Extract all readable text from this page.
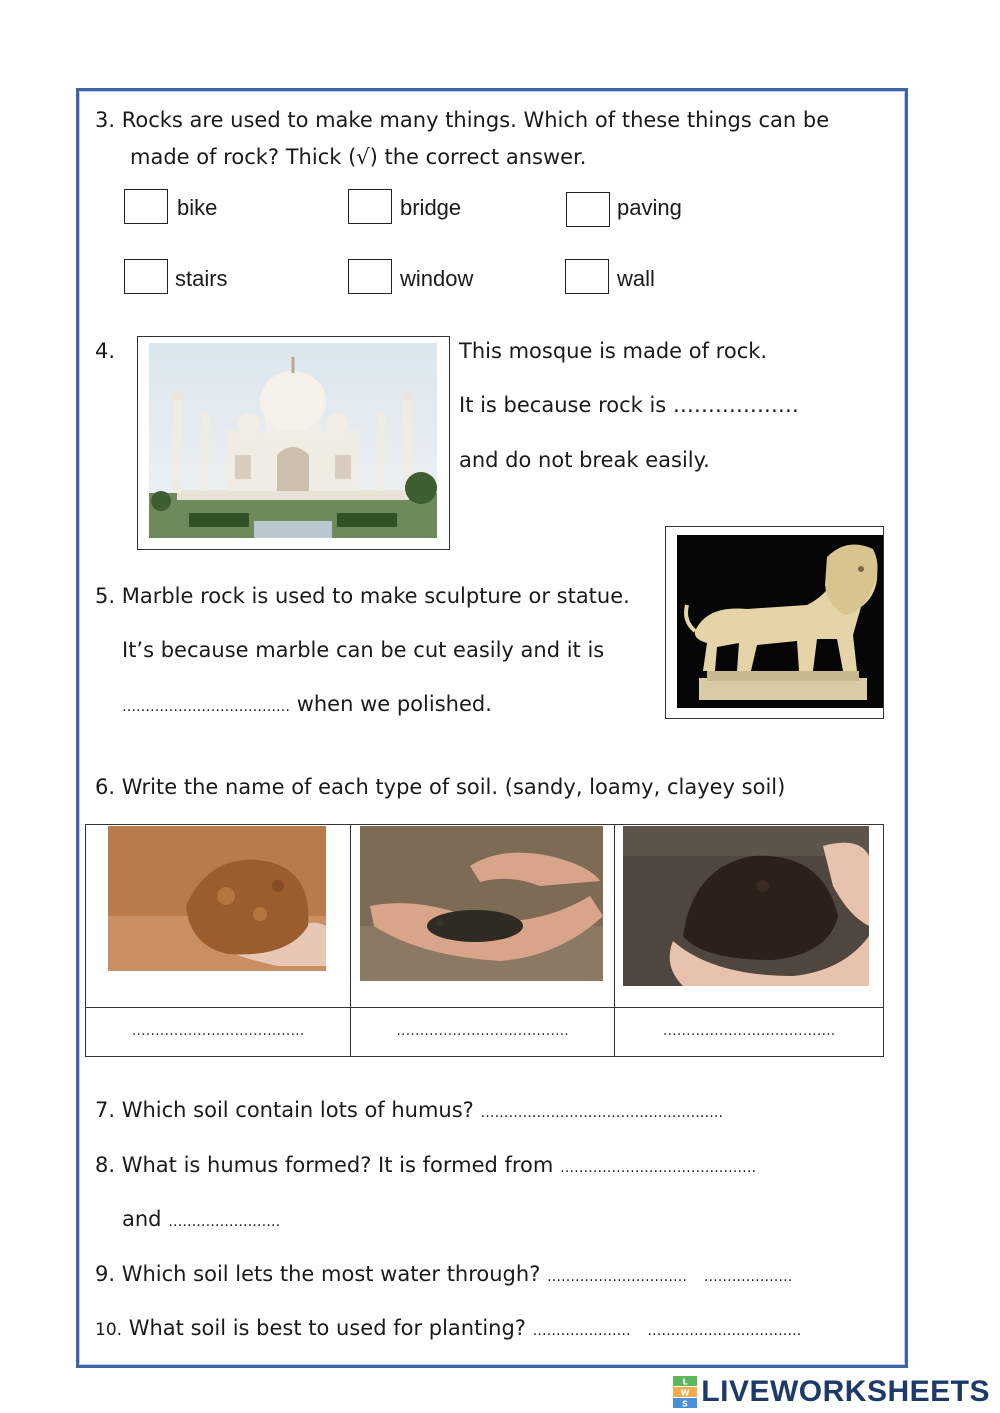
3. Rocks are used to make many things. Which of these things can be
made of rock? Thick (√) the correct answer.
bike	bridge	paving
stairs	window	wall
4.	This mosque is made of rock.
It is because rock is ………………
and do not break easily.
5. Marble rock is used to make sculpture or statue.
It’s because marble can be cut easily and it is
……………………………… when we polished.
6. Write the name of each type of soil. (sandy, loamy, clayey soil)
……………………………….	……………………………….	……………………………….
7. Which soil contain lots of humus? …………………………………………….
8. What is humus formed? It is formed from ……………………………………
and ……………………
9. Which soil lets the most water through? ………………………… ……………….
10. What soil is best to used for planting? ………………… ……………………………
L
W
S LIVEWORKSHEETS
